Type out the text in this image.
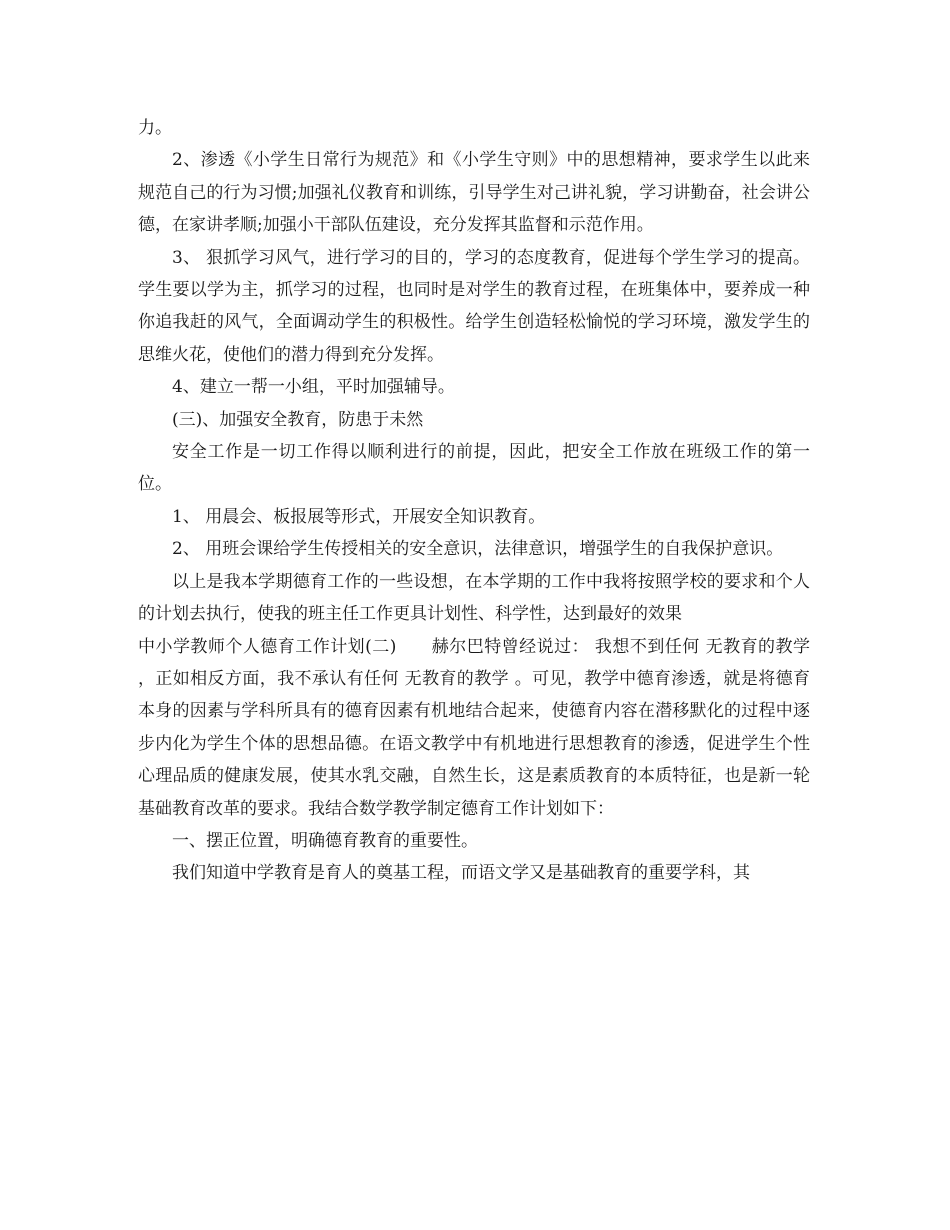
力。

2、渗透《小学生日常行为规范》和《小学生守则》中的思想精神，要求学生以此来规范自己的行为习惯;加强礼仪教育和训练，引导学生对己讲礼貌，学习讲勤奋，社会讲公德，在家讲孝顺;加强小干部队伍建设，充分发挥其监督和示范作用。

3、 狠抓学习风气，进行学习的目的，学习的态度教育，促进每个学生学习的提高。学生要以学为主，抓学习的过程，也同时是对学生的教育过程，在班集体中，要养成一种你追我赶的风气，全面调动学生的积极性。给学生创造轻松愉悦的学习环境，激发学生的思维火花，使他们的潜力得到充分发挥。

4、建立一帮一小组，平时加强辅导。

(三)、加强安全教育，防患于未然

安全工作是一切工作得以顺利进行的前提，因此，把安全工作放在班级工作的第一位。

1、 用晨会、板报展等形式，开展安全知识教育。

2、 用班会课给学生传授相关的安全意识，法律意识，增强学生的自我保护意识。

以上是我本学期德育工作的一些设想，在本学期的工作中我将按照学校的要求和个人的计划去执行，使我的班主任工作更具计划性、科学性，达到最好的效果

中小学教师个人德育工作计划(二)　　赫尔巴特曾经说过： 我想不到任何 无教育的教学 ，正如相反方面，我不承认有任何 无教育的教学 。可见，教学中德育渗透，就是将德育本身的因素与学科所具有的德育因素有机地结合起来，使德育内容在潜移默化的过程中逐步内化为学生个体的思想品德。在语文教学中有机地进行思想教育的渗透，促进学生个性心理品质的健康发展，使其水乳交融，自然生长，这是素质教育的本质特征，也是新一轮基础教育改革的要求。我结合数学教学制定德育工作计划如下：

一、摆正位置，明确德育教育的重要性。

我们知道中学教育是育人的奠基工程，而语文学又是基础教育的重要学科，其
